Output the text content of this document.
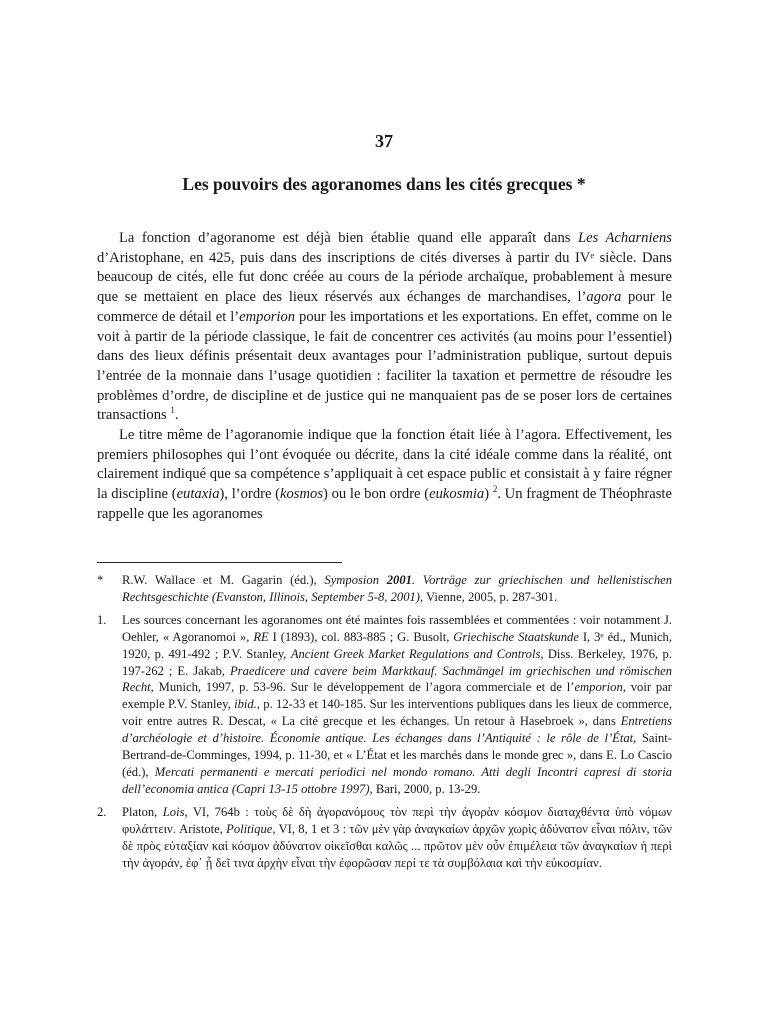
37
Les pouvoirs des agoranomes dans les cités grecques *

La fonction d’agoranome est déjà bien établie quand elle apparaît dans Les Acharniens d’Aristophane, en 425, puis dans des inscriptions de cités diverses à partir du IVᵉ siècle. Dans beaucoup de cités, elle fut donc créée au cours de la période archaïque, probablement à mesure que se mettaient en place des lieux réservés aux échanges de marchandises, l’agora pour le commerce de détail et l’emporion pour les importations et les exportations. En effet, comme on le voit à partir de la période classique, le fait de concentrer ces activités (au moins pour l’essentiel) dans des lieux définis présentait deux avantages pour l’administration publique, surtout depuis l’entrée de la monnaie dans l’usage quotidien : faciliter la taxation et permettre de résoudre les problèmes d’ordre, de discipline et de justice qui ne manquaient pas de se poser lors de certaines transactions $^1$.

Le titre même de l’agoranomie indique que la fonction était liée à l’agora. Effectivement, les premiers philosophes qui l’ont évoquée ou décrite, dans la cité idéale comme dans la réalité, ont clairement indiqué que sa compétence s’appliquait à cet espace public et consistait à y faire régner la discipline (eutaxia), l’ordre (kosmos) ou le bon ordre (eukosmia) $^2$. Un fragment de Théophraste rappelle que les agoranomes

* R.W. Wallace et M. Gagarin (éd.), Symposion 2001. Vorträge zur griechischen und hellenistischen Rechtsgeschichte (Evanston, Illinois, September 5-8, 2001), Vienne, 2005, p. 287-301.
1. Les sources concernant les agoranomes ont été maintes fois rassemblées et commentées : voir notamment J. Oehler, « Agoranomoi », RE I (1893), col. 883-885 ; G. Busolt, Griechische Staatskunde I, 3ᵉ éd., Munich, 1920, p. 491-492 ; P.V. Stanley, Ancient Greek Market Regulations and Controls, Diss. Berkeley, 1976, p. 197-262 ; E. Jakab, Praedicere und cavere beim Marktkauf. Sachmängel im griechischen und römischen Recht, Munich, 1997, p. 53-96. Sur le développement de l’agora commerciale et de l’emporion, voir par exemple P.V. Stanley, ibid., p. 12-33 et 140-185. Sur les interventions publiques dans les lieux de commerce, voir entre autres R. Descat, « La cité grecque et les échanges. Un retour à Hasebroek », dans Entretiens d’archéologie et d’histoire. Économie antique. Les échanges dans l’Antiquité : le rôle de l’État, Saint-Bertrand-de-Comminges, 1994, p. 11-30, et « L’État et les marchés dans le monde grec », dans E. Lo Cascio (éd.), Mercati permanenti e mercati periodici nel mondo romano. Atti degli Incontri capresi di storia dell’economia antica (Capri 13-15 ottobre 1997), Bari, 2000, p. 13-29.
2. Platon, Lois, VI, 764b : τοὺς δὲ δὴ ἀγορανόμους τὸν περὶ τὴν ἀγορὰν κόσμον διαταχθέντα ὑπὸ νόμων φυλάττειν. Aristote, Politique, VI, 8, 1 et 3 : τῶν μὲν γὰρ ἀναγκαίων ἀρχῶν χωρὶς ἀδύνατον εἶναι πόλιν, τῶν δὲ πρὸς εὐταξίαν καὶ κόσμον ἀδύνατον οἰκεῖσθαι καλῶς ... πρῶτον μὲν οὖν ἐπιμέλεια τῶν ἀναγκαίων ἡ περὶ τὴν ἀγοράν, ἐφ᾽ ᾗ δεῖ τινα ἀρχὴν εἶναι τὴν ἐφορῶσαν περί τε τὰ συμβόλαια καὶ τὴν εὐκοσμίαν.
